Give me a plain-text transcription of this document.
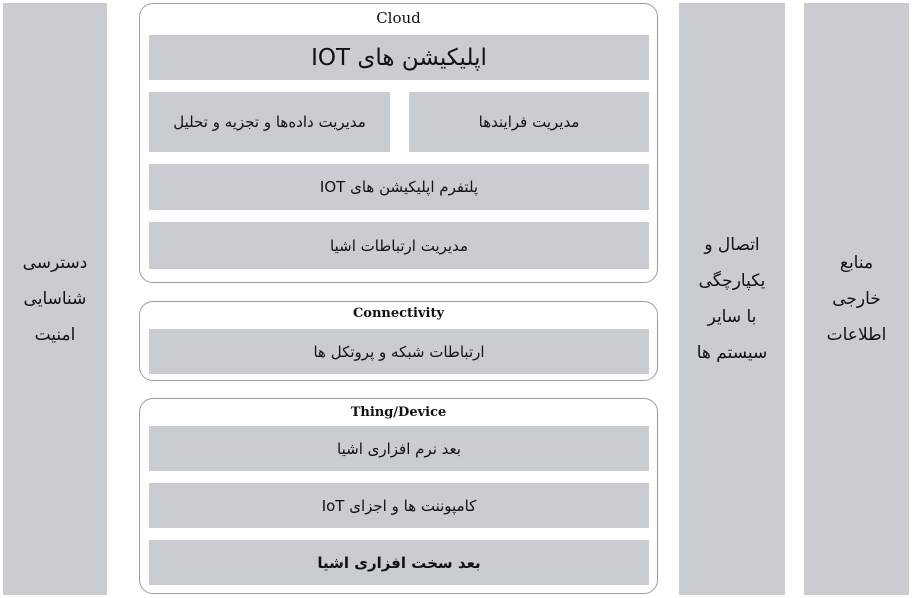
دسترسی
شناسایی
امنیت
Cloud
اپلیکیشن های IOT
مدیریت داده‌ها و تجزیه و تحلیل	مدیریت فرایندها
پلتفرم اپلیکیشن های IOT
مدیریت ارتباطات اشیا
Connectivity
ارتباطات شبکه و پروتکل ها
Thing/Device
بعد نرم افزاری اشیا
کامپوننت ها و اجزای IoT
بعد سخت افزاری اشیا
اتصال و
یکپارچگی
با سایر
سیستم ها
منابع
خارجی
اطلاعات
